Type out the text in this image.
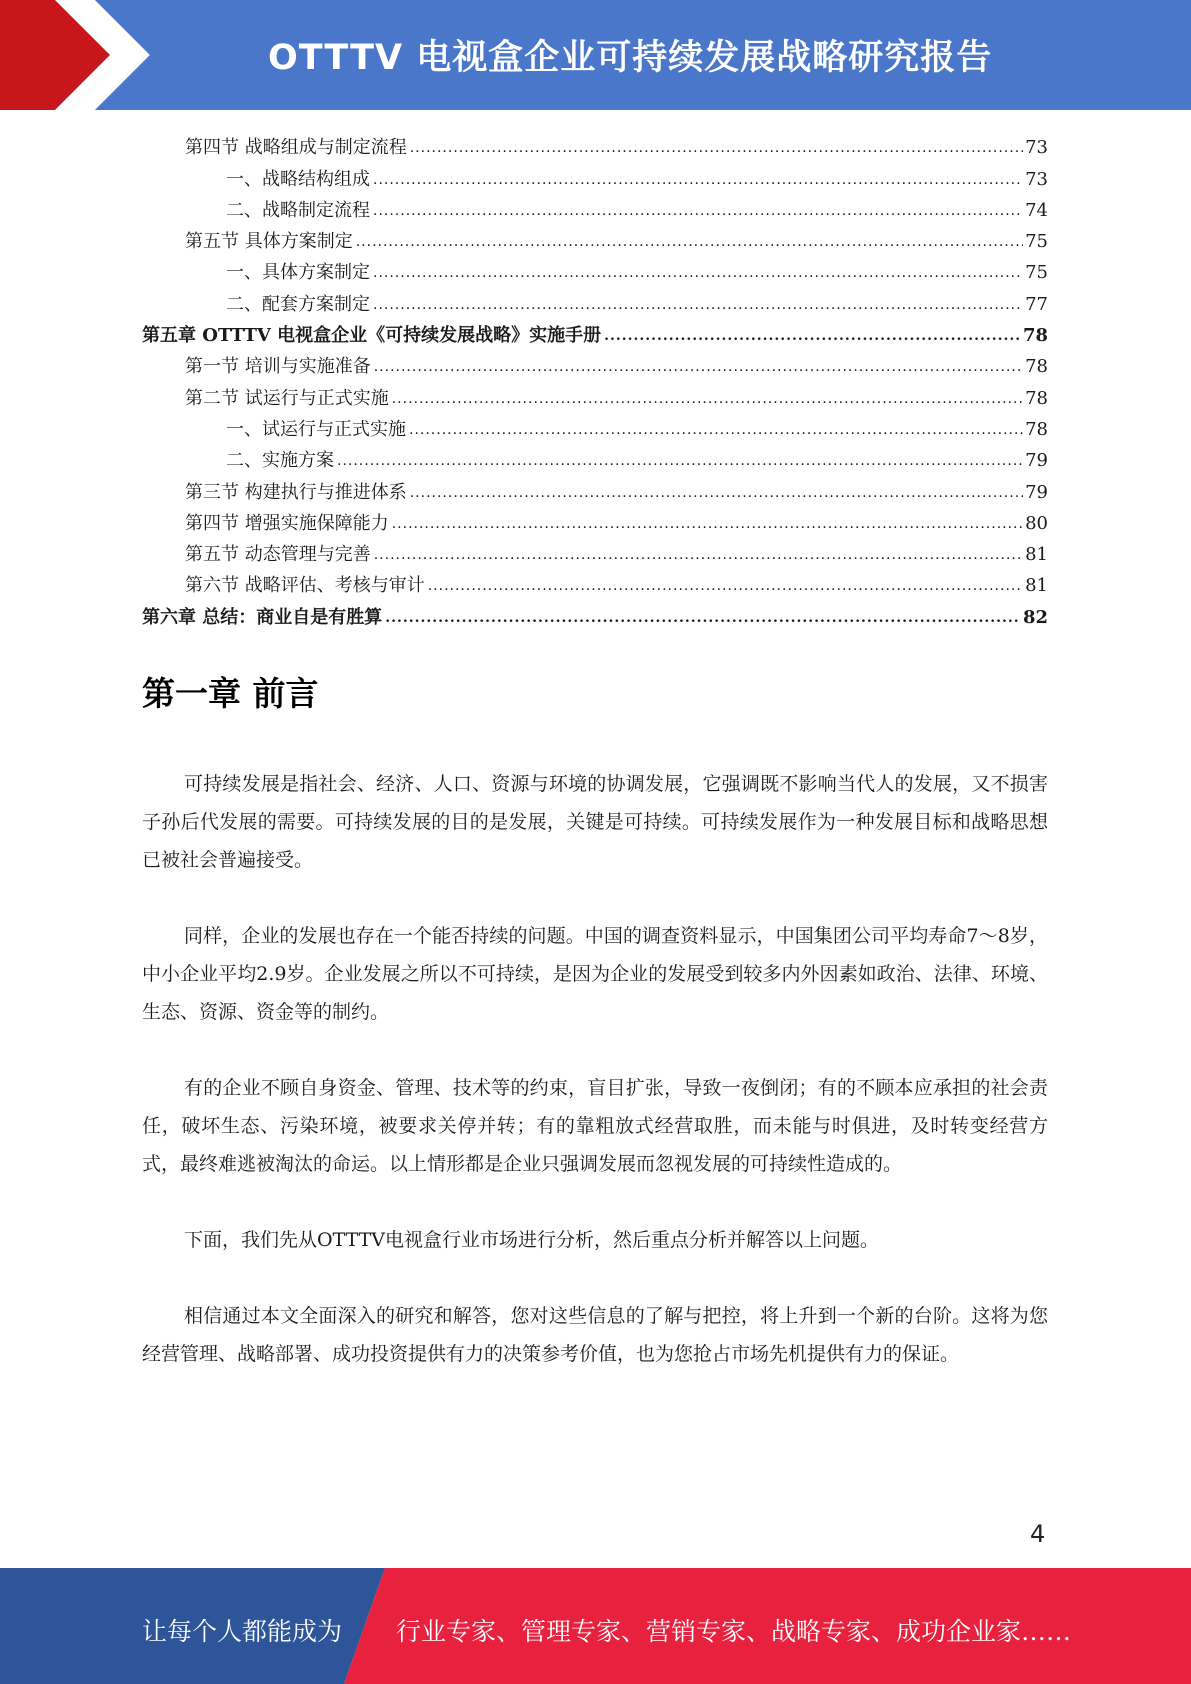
OTTTV 电视盒企业可持续发展战略研究报告
第四节 战略组成与制定流程 .....	73
一、战略结构组成 .....	73
二、战略制定流程 .....	74
第五节 具体方案制定 .....	75
一、具体方案制定 .....	75
二、配套方案制定 .....	77
第五章 OTTTV 电视盒企业《可持续发展战略》实施手册 .....	78
第一节 培训与实施准备 .....	78
第二节 试运行与正式实施 .....	78
一、试运行与正式实施 .....	78
二、实施方案 .....	79
第三节 构建执行与推进体系 .....	79
第四节 增强实施保障能力 .....	80
第五节 动态管理与完善 .....	81
第六节 战略评估、考核与审计 .....	81
第六章 总结：商业自是有胜算 .....	82
第一章 前言

可持续发展是指社会、经济、人口、资源与环境的协调发展，它强调既不影响当代人的发展，又不损害子孙后代发展的需要。可持续发展的目的是发展，关键是可持续。可持续发展作为一种发展目标和战略思想已被社会普遍接受。

同样，企业的发展也存在一个能否持续的问题。中国的调查资料显示，中国集团公司平均寿命7～8岁，中小企业平均2.9岁。企业发展之所以不可持续，是因为企业的发展受到较多内外因素如政治、法律、环境、生态、资源、资金等的制约。

有的企业不顾自身资金、管理、技术等的约束，盲目扩张，导致一夜倒闭；有的不顾本应承担的社会责任，破坏生态、污染环境，被要求关停并转；有的靠粗放式经营取胜，而未能与时俱进，及时转变经营方式，最终难逃被淘汰的命运。以上情形都是企业只强调发展而忽视发展的可持续性造成的。

下面，我们先从OTTTV电视盒行业市场进行分析，然后重点分析并解答以上问题。

相信通过本文全面深入的研究和解答，您对这些信息的了解与把控，将上升到一个新的台阶。这将为您经营管理、战略部署、成功投资提供有力的决策参考价值，也为您抢占市场先机提供有力的保证。

4
让每个人都能成为 行业专家、管理专家、营销专家、战略专家、成功企业家……
